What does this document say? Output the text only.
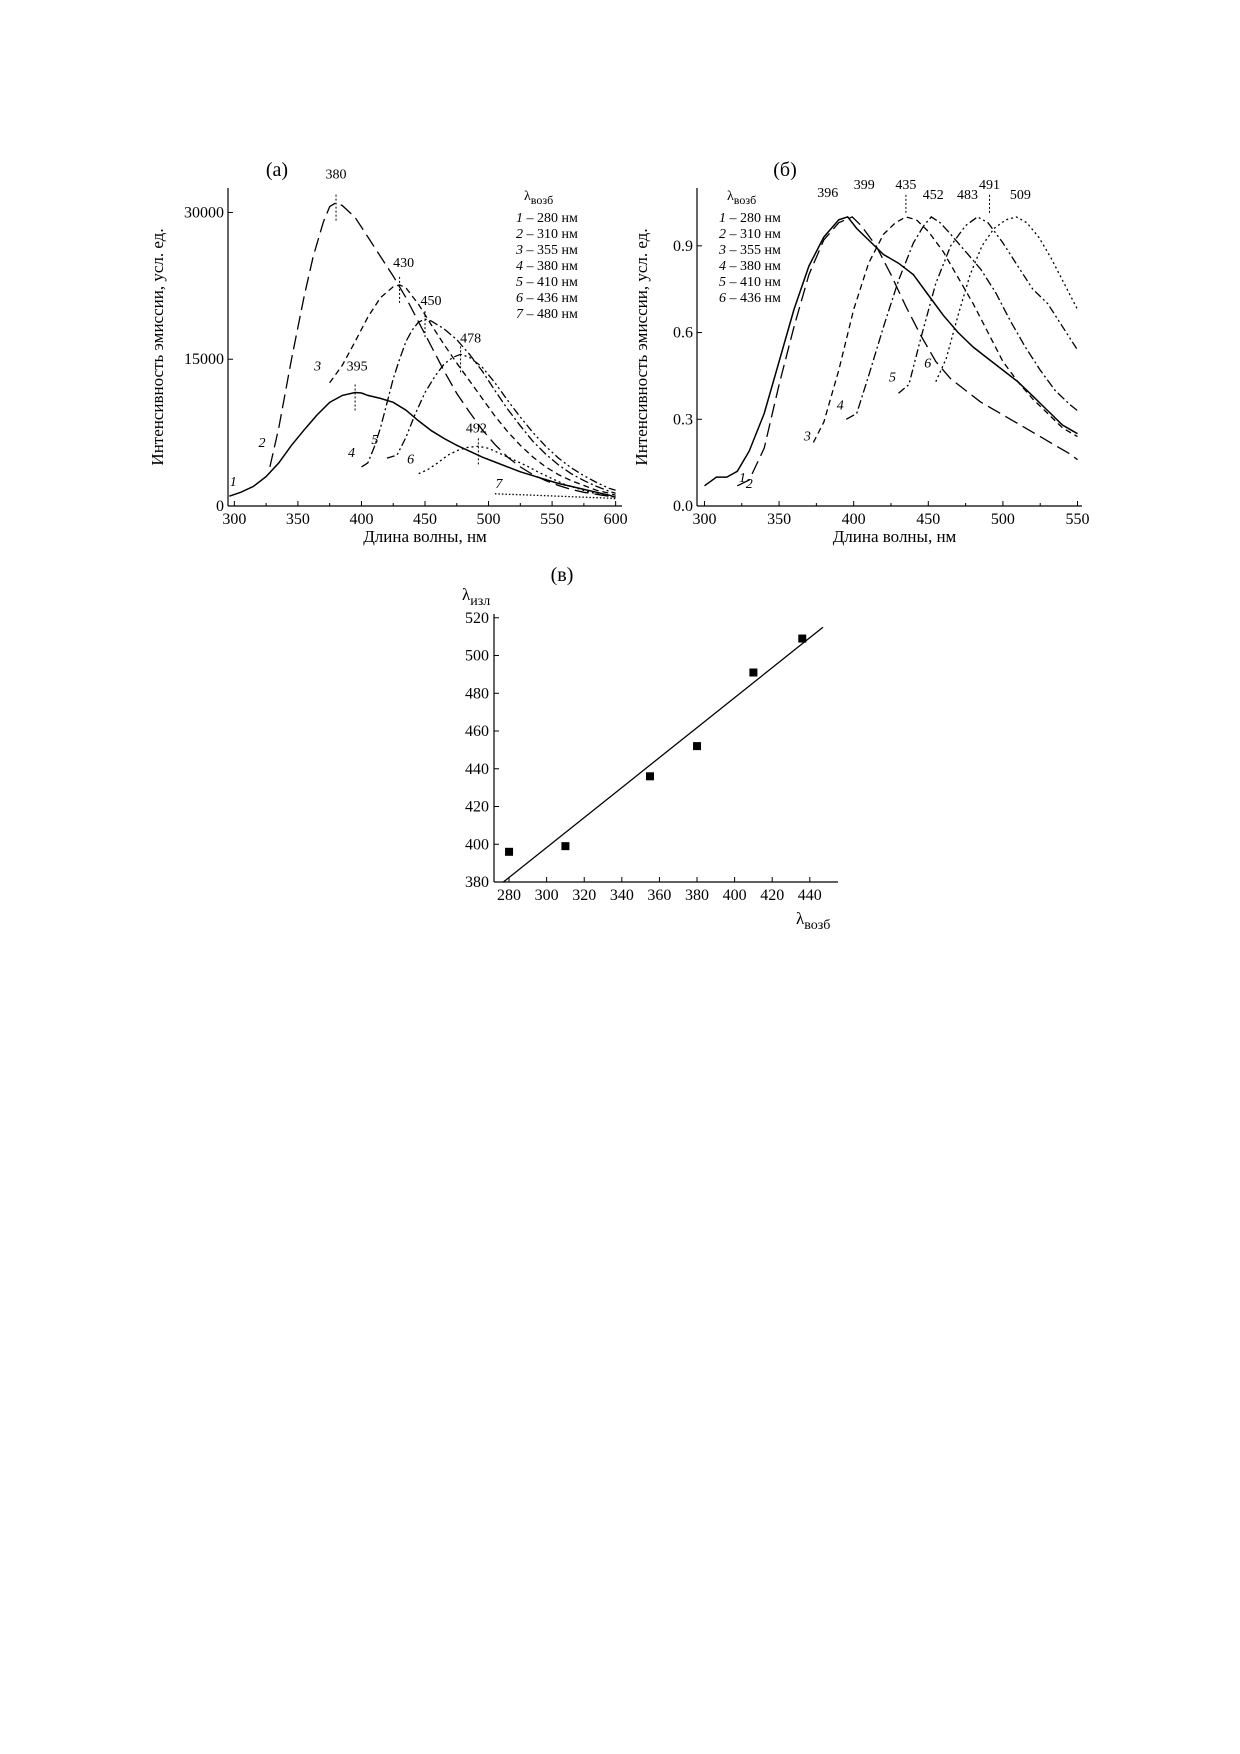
300 350 400 450 500 550 600
0
15000
30000
Длина волны, нм
Интенсивность эмиссии, усл. ед.
(а)
1
2
3
4
5
6
7
λвозб
1 – 280 нм
2 – 310 нм
3 – 355 нм
4 – 380 нм
5 – 410 нм
6 – 436 нм
7 – 480 нм
395
380
430
450
478
492
300	350	400	450	500	550
0.0
0.3
0.6
0.9
Длина волны, нм
Интенсивность эмиссии, усл. ед.
(б)
1 2
3
4
5
6
λвозб
1 – 280 нм
2 – 310 нм
3 – 355 нм
4 – 380 нм
5 – 410 нм
6 – 436 нм
396
399 435
452 483
491
509
280 300 320 340 360 380 400 420 440
380
400
420
440
460
480
500
520
(в)
$\lambda_{изл}$
$\lambda_{возб}$
